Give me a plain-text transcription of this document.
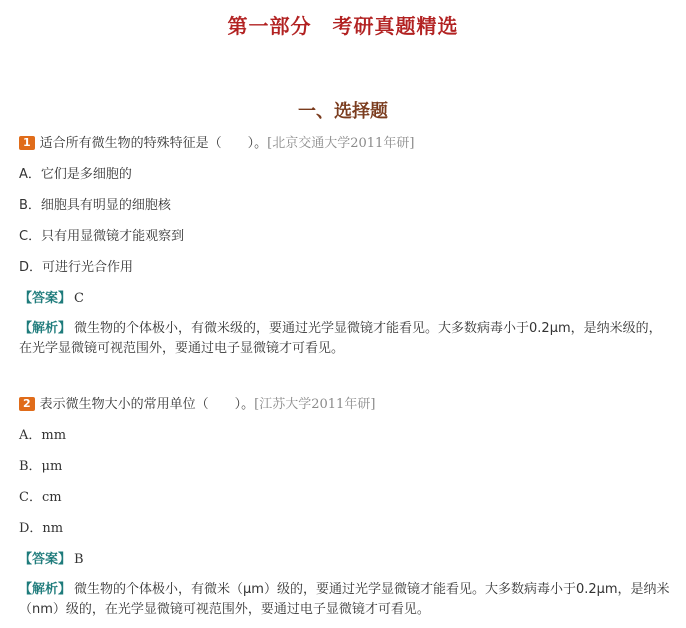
第一部分　考研真题精选
一、选择题
1 适合所有微生物的特殊特征是（　　）。[北京交通大学2011年研]
A．它们是多细胞的
B．细胞具有明显的细胞核
C．只有用显微镜才能观察到
D．可进行光合作用
【答案】 C
【解析】 微生物的个体极小，有微米级的，要通过光学显微镜才能看见。大多数病毒小于0.2μm，是纳米级的，在光学显微镜可视范围外，要通过电子显微镜才可看见。
2 表示微生物大小的常用单位（　　）。[江苏大学2011年研]
A．mm
B．μm
C．cm
D．nm
【答案】 B
【解析】 微生物的个体极小，有微米（μm）级的，要通过光学显微镜才能看见。大多数病毒小于0.2μm，是纳米（nm）级的，在光学显微镜可视范围外，要通过电子显微镜才可看见。
